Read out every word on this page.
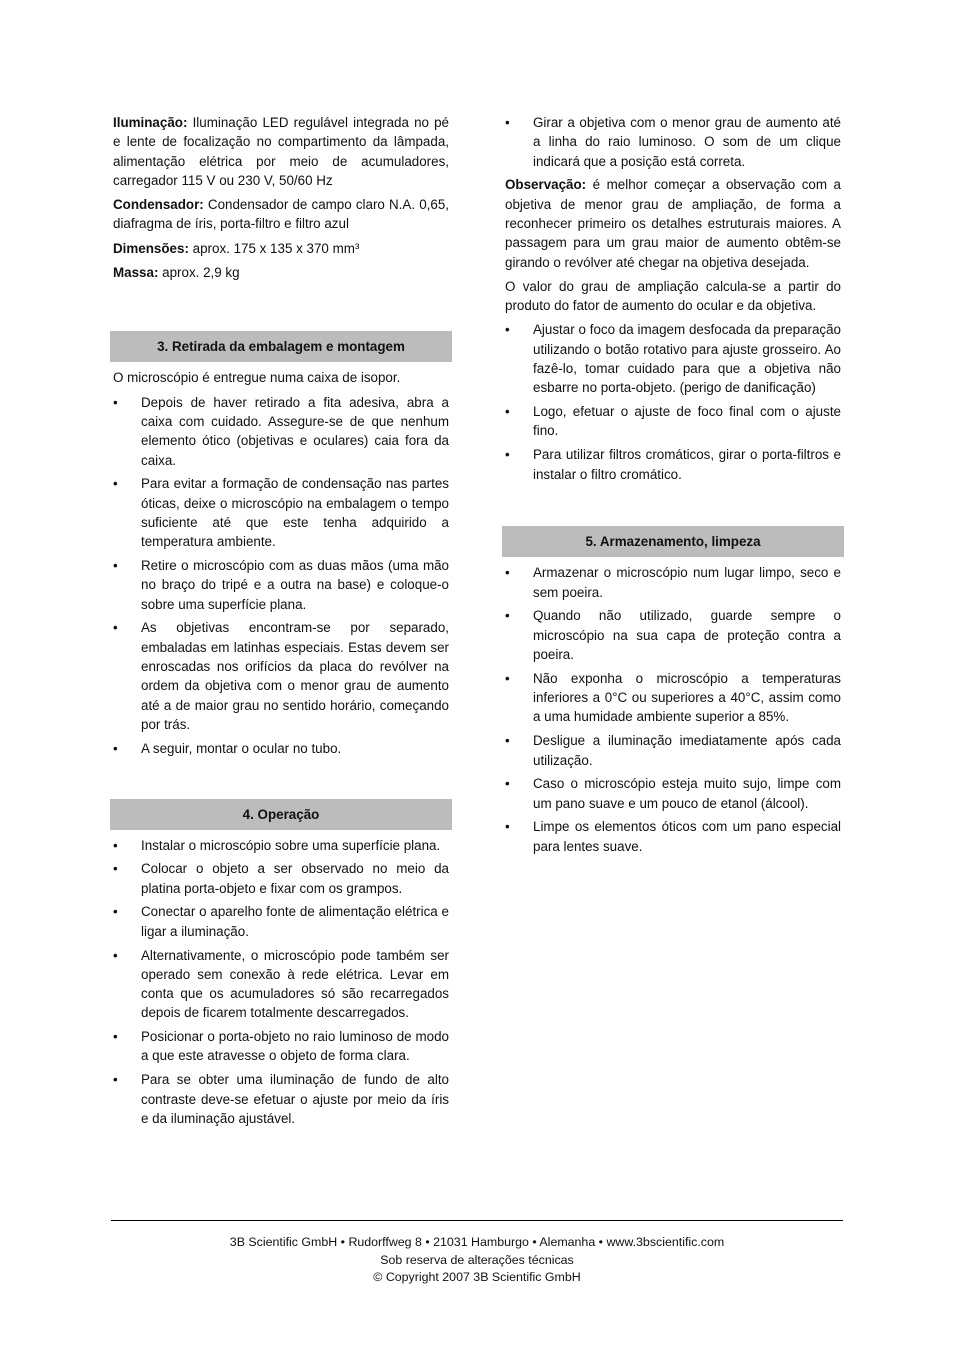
Iluminação: Iluminação LED regulável integrada no pé e lente de focalização no compartimento da lâmpada, alimentação elétrica por meio de acumuladores, carregador 115 V ou 230 V, 50/60 Hz

Condensador: Condensador de campo claro N.A. 0,65, diafragma de íris, porta-filtro e filtro azul

Dimensões: aprox. 175 x 135 x 370 mm³

Massa: aprox. 2,9 kg

3. Retirada da embalagem e montagem

O microscópio é entregue numa caixa de isopor.

•	Depois de haver retirado a fita adesiva, abra a caixa com cuidado. Assegure-se de que nenhum elemento ótico (objetivas e oculares) caia fora da caixa.
•	Para evitar a formação de condensação nas partes óticas, deixe o microscópio na embalagem o tempo suficiente até que este tenha adquirido a temperatura ambiente.
•	Retire o microscópio com as duas mãos (uma mão no braço do tripé e a outra na base) e coloque-o sobre uma superfície plana.
•	As objetivas encontram-se por separado, embaladas em latinhas especiais. Estas devem ser enroscadas nos orifícios da placa do revólver na ordem da objetiva com o menor grau de aumento até a de maior grau no sentido horário, começando por trás.
•	A seguir, montar o ocular no tubo.
4. Operação
•	Instalar o microscópio sobre uma superfície plana.
•	Colocar o objeto a ser observado no meio da platina porta-objeto e fixar com os grampos.
•	Conectar o aparelho fonte de alimentação elétrica e ligar a iluminação.
•	Alternativamente, o microscópio pode também ser operado sem conexão à rede elétrica. Levar em conta que os acumuladores só são recarregados depois de ficarem totalmente descarregados.
•	Posicionar o porta-objeto no raio luminoso de modo a que este atravesse o objeto de forma clara.
•	Para se obter uma iluminação de fundo de alto contraste deve-se efetuar o ajuste por meio da íris e da iluminação ajustável.
•	Girar a objetiva com o menor grau de aumento até a linha do raio luminoso. O som de um clique indicará que a posição está correta.

Observação: é melhor começar a observação com a objetiva de menor grau de ampliação, de forma a reconhecer primeiro os detalhes estruturais maiores. A passagem para um grau maior de aumento obtêm-se girando o revólver até chegar na objetiva desejada.

O valor do grau de ampliação calcula-se a partir do produto do fator de aumento do ocular e da objetiva.

•	Ajustar o foco da imagem desfocada da preparação utilizando o botão rotativo para ajuste grosseiro. Ao fazê-lo, tomar cuidado para que a objetiva não esbarre no porta-objeto. (perigo de danificação)
•	Logo, efetuar o ajuste de foco final com o ajuste fino.
•	Para utilizar filtros cromáticos, girar o porta-filtros e instalar o filtro cromático.
5. Armazenamento, limpeza
•	Armazenar o microscópio num lugar limpo, seco e sem poeira.
•	Quando não utilizado, guarde sempre o microscópio na sua capa de proteção contra a poeira.
•	Não exponha o microscópio a temperaturas inferiores a 0°C ou superiores a 40°C, assim como a uma humidade ambiente superior a 85%.
•	Desligue a iluminação imediatamente após cada utilização.
•	Caso o microscópio esteja muito sujo, limpe com um pano suave e um pouco de etanol (álcool).
•	Limpe os elementos óticos com um pano especial para lentes suave.
3B Scientific GmbH • Rudorffweg 8 • 21031 Hamburgo • Alemanha • www.3bscientific.com
Sob reserva de alterações técnicas
© Copyright 2007 3B Scientific GmbH
